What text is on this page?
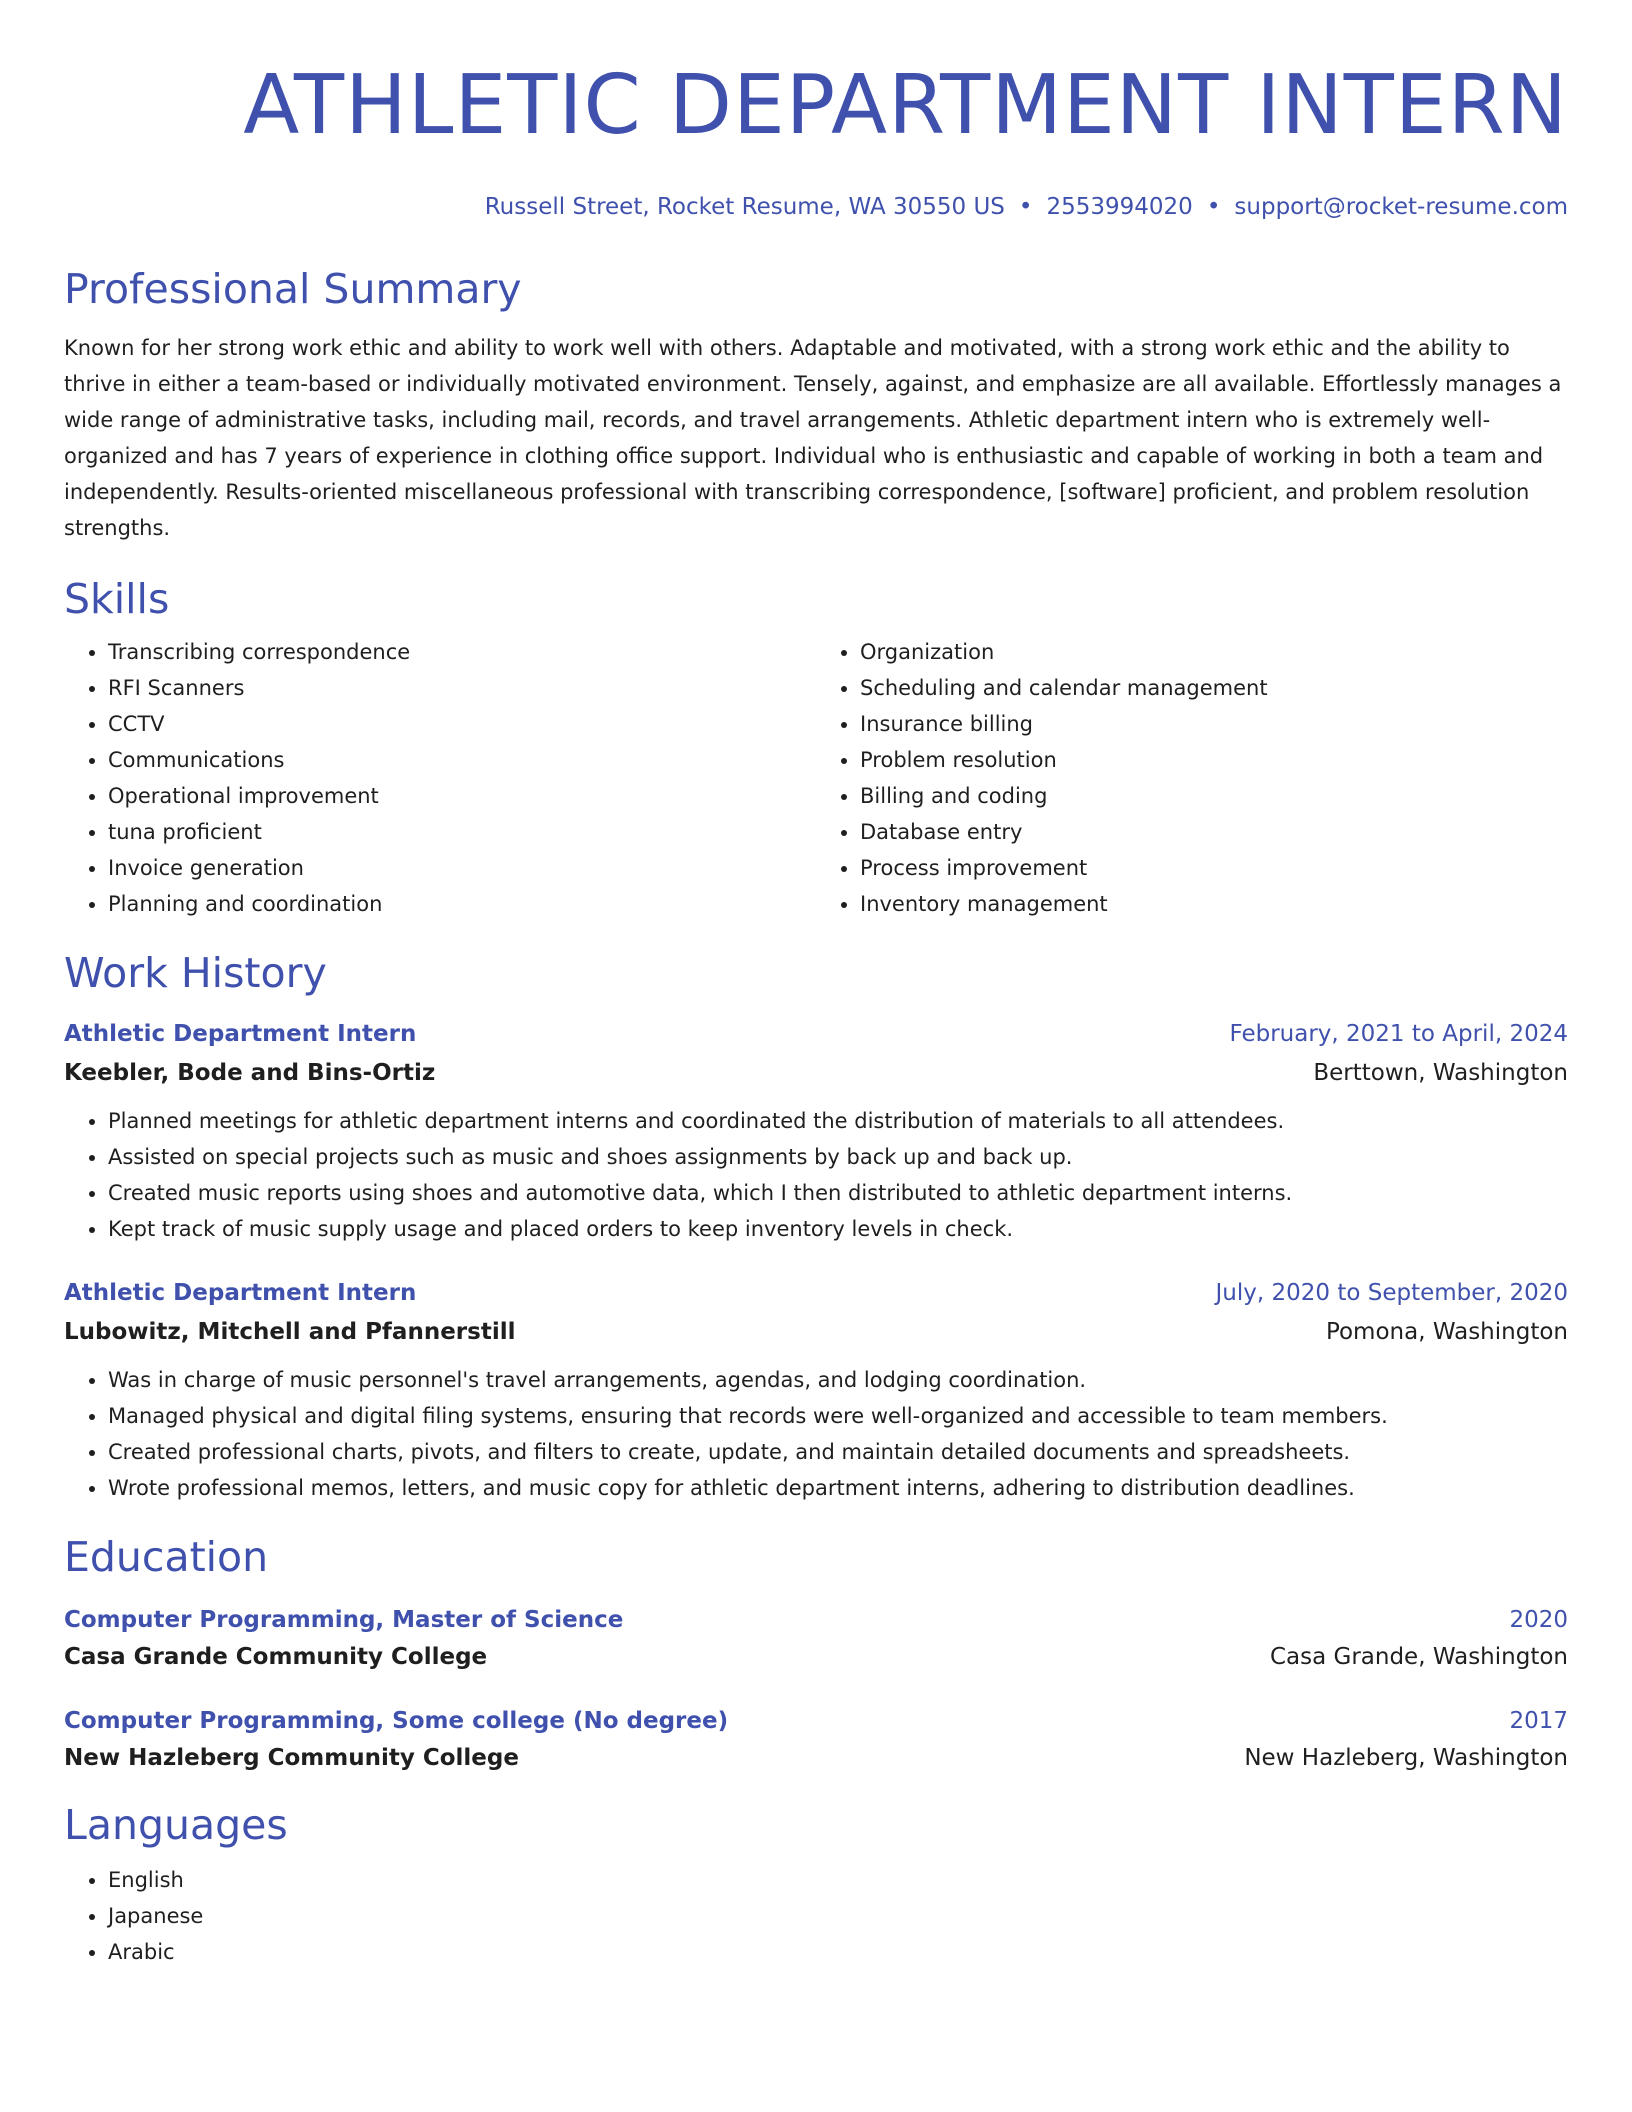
ATHLETIC DEPARTMENT INTERN
Russell Street, Rocket Resume, WA 30550 US • 2553994020 • support@rocket-resume.com
Professional Summary

Known for her strong work ethic and ability to work well with others. Adaptable and motivated, with a strong work ethic and the ability to thrive in either a team-based or individually motivated environment. Tensely, against, and emphasize are all available. Effortlessly manages a wide range of administrative tasks, including mail, records, and travel arrangements. Athletic department intern who is extremely well-organized and has 7 years of experience in clothing office support. Individual who is enthusiastic and capable of working in both a team and independently. Results-oriented miscellaneous professional with transcribing correspondence, [software] proficient, and problem resolution strengths.

Skills
• Transcribing correspondence
• RFI Scanners
• CCTV
• Communications
• Operational improvement
• tuna proficient
• Invoice generation
• Planning and coordination
• Organization
• Scheduling and calendar management
• Insurance billing
• Problem resolution
• Billing and coding
• Database entry
• Process improvement
• Inventory management
Work History
Athletic Department Intern	February, 2021 to April, 2024
Keebler, Bode and Bins-Ortiz	Berttown, Washington
• Planned meetings for athletic department interns and coordinated the distribution of materials to all attendees.
• Assisted on special projects such as music and shoes assignments by back up and back up.
• Created music reports using shoes and automotive data, which I then distributed to athletic department interns.
• Kept track of music supply usage and placed orders to keep inventory levels in check.
Athletic Department Intern	July, 2020 to September, 2020
Lubowitz, Mitchell and Pfannerstill	Pomona, Washington
• Was in charge of music personnel's travel arrangements, agendas, and lodging coordination.
• Managed physical and digital filing systems, ensuring that records were well-organized and accessible to team members.
• Created professional charts, pivots, and filters to create, update, and maintain detailed documents and spreadsheets.
• Wrote professional memos, letters, and music copy for athletic department interns, adhering to distribution deadlines.
Education
Computer Programming, Master of Science	2020
Casa Grande Community College	Casa Grande, Washington
Computer Programming, Some college (No degree)	2017
New Hazleberg Community College	New Hazleberg, Washington
Languages
• English
• Japanese
• Arabic
